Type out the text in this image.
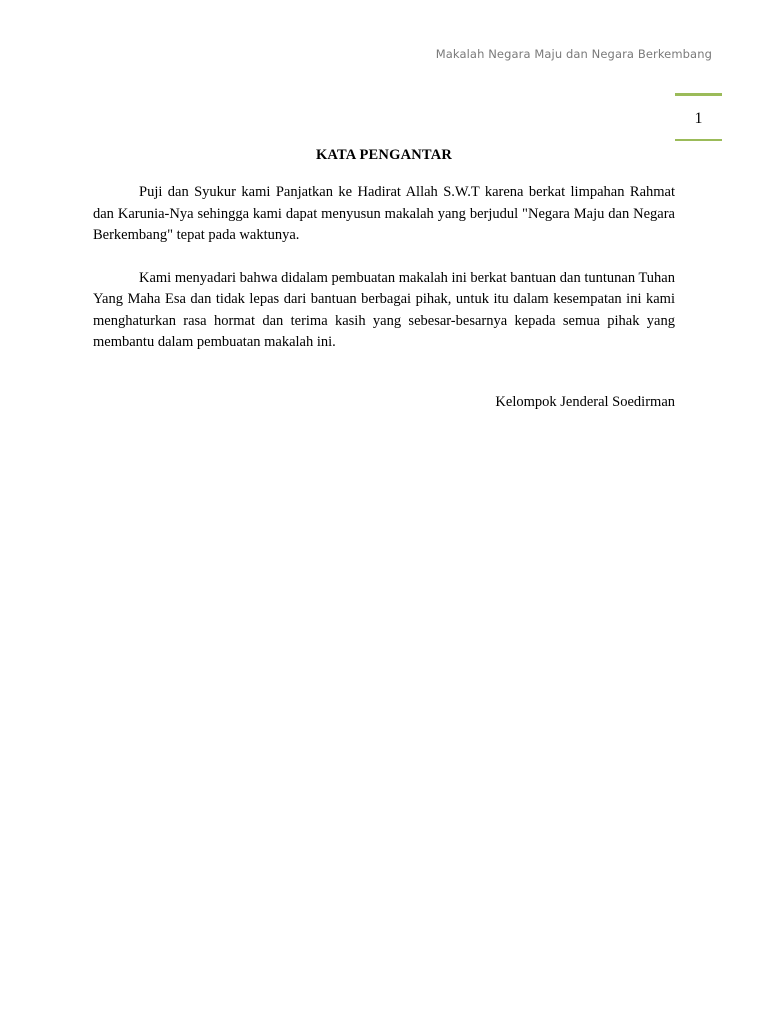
Makalah Negara Maju dan Negara Berkembang
1
KATA PENGANTAR

Puji dan Syukur kami Panjatkan ke Hadirat Allah S.W.T karena berkat limpahan Rahmat dan Karunia-Nya sehingga kami dapat menyusun makalah yang berjudul "Negara Maju dan Negara Berkembang" tepat pada waktunya.

Kami menyadari bahwa didalam pembuatan makalah ini berkat bantuan dan tuntunan Tuhan Yang Maha Esa dan tidak lepas dari bantuan berbagai pihak, untuk itu dalam kesempatan ini kami menghaturkan rasa hormat dan terima kasih yang sebesar-besarnya kepada semua pihak yang membantu dalam pembuatan makalah ini.

Kelompok Jenderal Soedirman
